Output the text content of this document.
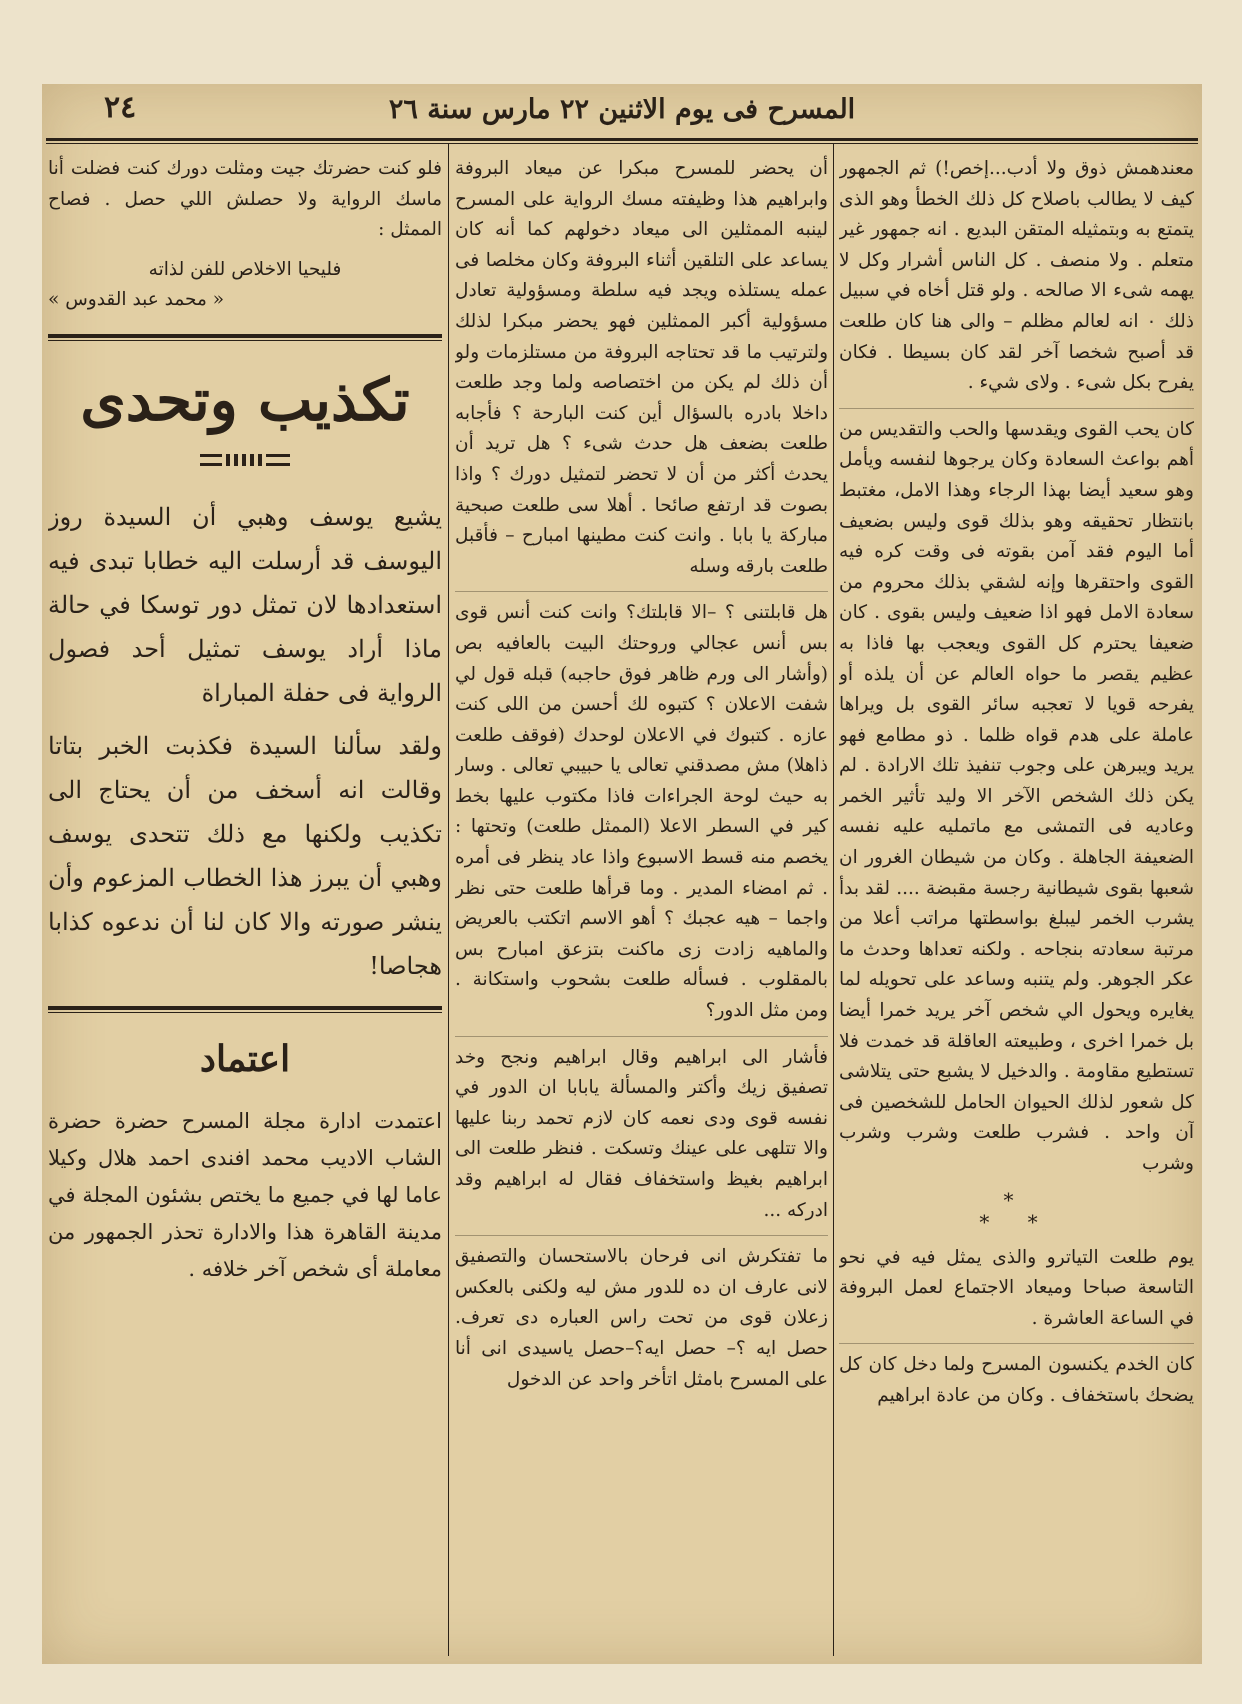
المسرح فى يوم الاثنين ٢٢ مارس سنة ٢٦
٢٤

معندهمش ذوق ولا أدب...إخص!) ثم الجمهور كيف لا يطالب باصلاح كل ذلك الخطأ وهو الذى يتمتع به وبتمثيله المتقن البديع . انه جمهور غير متعلم . ولا منصف . كل الناس أشرار وكل لا يهمه شىء الا صالحه . ولو قتل أخاه في سبيل ذلك ٠ انه لعالم مظلم – والى هنا كان طلعت قد أصبح شخصا آخر لقد كان بسيطا . فكان يفرح بكل شىء . ولاى شيء .

كان يحب القوى ويقدسها والحب والتقديس من أهم بواعث السعادة وكان يرجوها لنفسه ويأمل وهو سعيد أيضا بهذا الرجاء وهذا الامل، مغتبط بانتظار تحقيقه وهو بذلك قوى وليس بضعيف أما اليوم فقد آمن بقوته فى وقت كره فيه القوى واحتقرها وإنه لشقي بذلك محروم من سعادة الامل فهو اذا ضعيف وليس بقوى . كان ضعيفا يحترم كل القوى ويعجب بها فاذا به عظيم يقصر ما حواه العالم عن أن يلذه أو يفرحه قويا لا تعجبه سائر القوى بل ويراها عاملة على هدم قواه ظلما . ذو مطامع فهو يريد ويبرهن على وجوب تنفيذ تلك الارادة . لم يكن ذلك الشخص الآخر الا وليد تأثير الخمر وعاديه فى التمشى مع ماتمليه عليه نفسه الضعيفة الجاهلة . وكان من شيطان الغرور ان شعبها بقوى شيطانية رجسة مقبضة .... لقد بدأ يشرب الخمر ليبلغ بواسطتها مراتب أعلا من مرتبة سعادته بنجاحه . ولكنه تعداها وحدث ما عكر الجوهر. ولم يتنبه وساعد على تحويله لما يغايره ويحول الي شخص آخر يريد خمرا أيضا بل خمرا اخرى ، وطبيعته العاقلة قد خمدت فلا تستطيع مقاومة . والدخيل لا يشبع حتى يتلاشى كل شعور لذلك الحيوان الحامل للشخصين فى آن واحد . فشرب طلعت وشرب وشرب وشرب

*
* *

يوم طلعت التياترو والذى يمثل فيه في نحو التاسعة صباحا وميعاد الاجتماع لعمل البروفة في الساعة العاشرة .

كان الخدم يكنسون المسرح ولما دخل كان كل يضحك باستخفاف . وكان من عادة ابراهيم

أن يحضر للمسرح مبكرا عن ميعاد البروفة وابراهيم هذا وظيفته مسك الرواية على المسرح لينبه الممثلين الى ميعاد دخولهم كما أنه كان يساعد على التلقين أثناء البروفة وكان مخلصا فى عمله يستلذه ويجد فيه سلطة ومسؤولية تعادل مسؤولية أكبر الممثلين فهو يحضر مبكرا لذلك ولترتيب ما قد تحتاجه البروفة من مستلزمات ولو أن ذلك لم يكن من اختصاصه ولما وجد طلعت داخلا بادره بالسؤال أين كنت البارحة ؟ فأجابه طلعت بضعف هل حدث شىء ؟ هل تريد أن يحدث أكثر من أن لا تحضر لتمثيل دورك ؟ واذا بصوت قد ارتفع صائحا . أهلا سى طلعت صبحية مباركة يا بابا . وانت كنت مطينها امبارح – فأقبل طلعت بارقه وسله

هل قابلتنى ؟ –الا قابلتك؟ وانت كنت أنس قوى بس أنس عجالي وروحتك البيت بالعافيه بص (وأشار الى ورم ظاهر فوق حاجبه) قبله قول لي شفت الاعلان ؟ كتبوه لك أحسن من اللى كنت عازه . كتبوك في الاعلان لوحدك (فوقف طلعت ذاهلا) مش مصدقني تعالى يا حبيبي تعالى . وسار به حيث لوحة الجراءات فاذا مكتوب عليها بخط كير في السطر الاعلا (الممثل طلعت) وتحتها : يخصم منه قسط الاسبوع واذا عاد ينظر فى أمره . ثم امضاء المدير . وما قرأها طلعت حتى نظر واجما – هيه عجبك ؟ أهو الاسم اتكتب بالعريض والماهيه زادت زى ماكنت بتزعق امبارح بس بالمقلوب . فسأله طلعت بشحوب واستكانة . ومن مثل الدور؟

فأشار الى ابراهيم وقال ابراهيم ونجح وخد تصفيق زيك وأكتر والمسألة يابابا ان الدور في نفسه قوى ودى نعمه كان لازم تحمد ربنا عليها والا تتلهى على عينك وتسكت . فنظر طلعت الى ابراهيم بغيظ واستخفاف فقال له ابراهيم وقد ادركه ...

ما تفتكرش انى فرحان بالاستحسان والتصفيق لانى عارف ان ده للدور مش ليه ولكنى بالعكس زعلان قوى من تحت راس العباره دى تعرف. حصل ايه ؟– حصل ايه؟–حصل ياسيدى انى أنا على المسرح بامثل اتأخر واحد عن الدخول

فلو كنت حضرتك جيت ومثلت دورك كنت فضلت أنا ماسك الرواية ولا حصلش اللي حصل . فصاح الممثل :

فليحيا الاخلاص للفن لذاته

« محمد عبد القدوس »

تكذيب وتحدى

يشيع يوسف وهبي أن السيدة روز اليوسف قد أرسلت اليه خطابا تبدى فيه استعدادها لان تمثل دور توسكا في حالة ماذا أراد يوسف تمثيل أحد فصول الرواية فى حفلة المباراة

ولقد سألنا السيدة فكذبت الخبر بتاتا وقالت انه أسخف من أن يحتاج الى تكذيب ولكنها مع ذلك تتحدى يوسف وهبي أن يبرز هذا الخطاب المزعوم وأن ينشر صورته والا كان لنا أن ندعوه كذابا هجاصا!

اعتماد

اعتمدت ادارة مجلة المسرح حضرة حضرة الشاب الاديب محمد افندى احمد هلال وكيلا عاما لها في جميع ما يختص بشئون المجلة في مدينة القاهرة هذا والادارة تحذر الجمهور من معاملة أى شخص آخر خلافه .
